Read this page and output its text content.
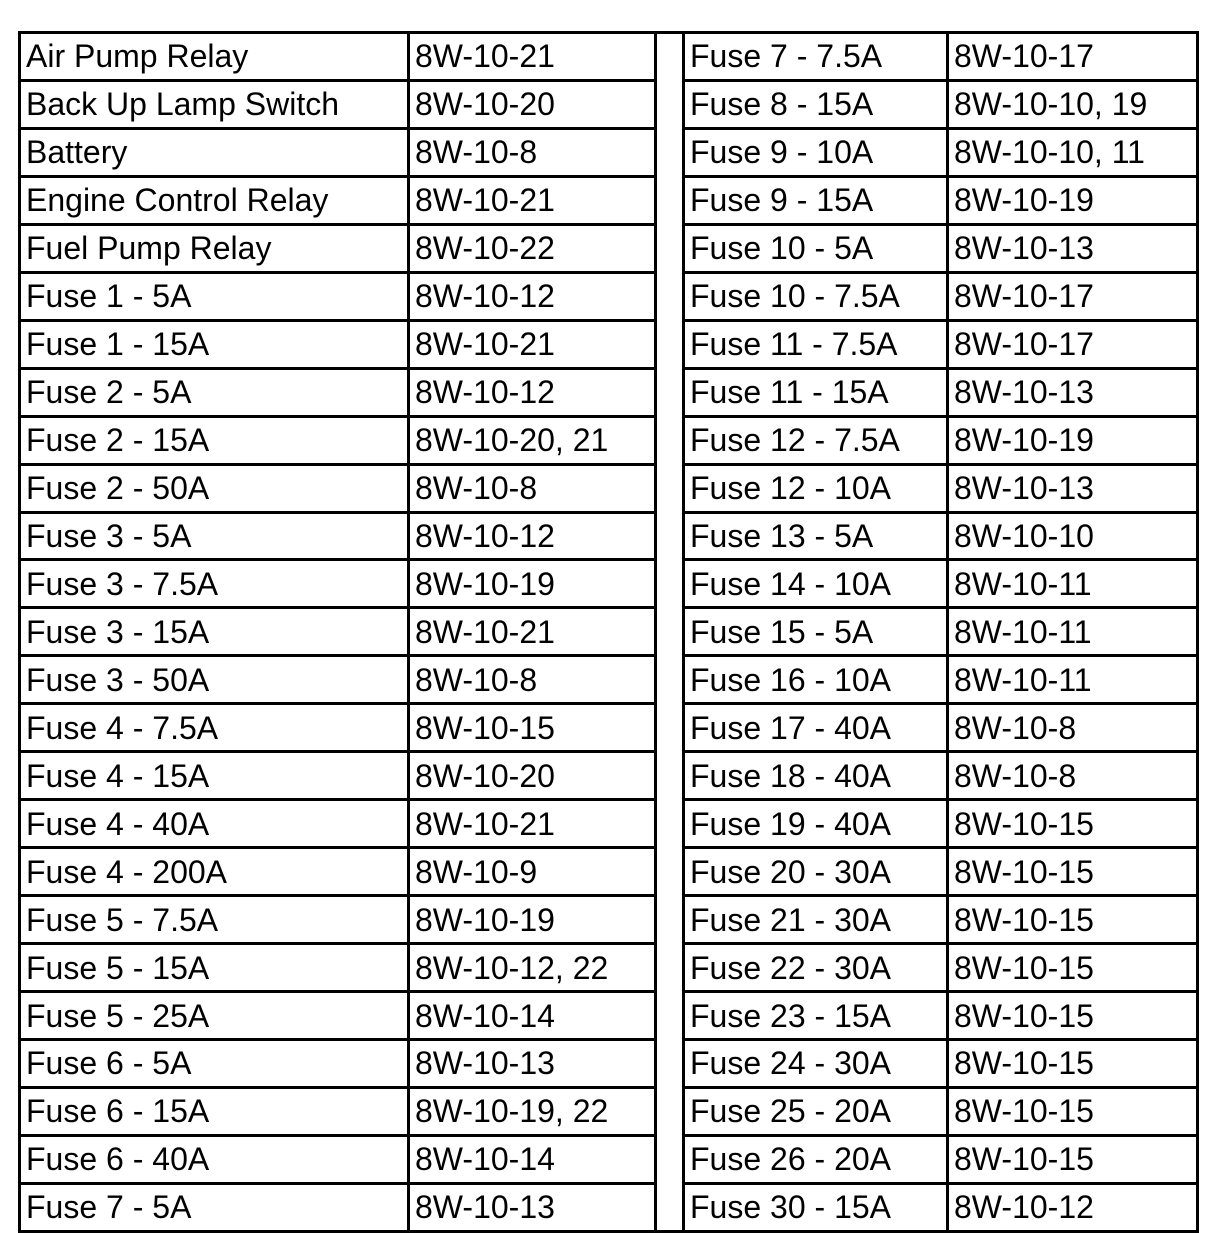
Air Pump Relay	8W-10-21		Fuse 7 - 7.5A	8W-10-17
Back Up Lamp Switch	8W-10-20		Fuse 8 - 15A	8W-10-10, 19
Battery	8W-10-8		Fuse 9 - 10A	8W-10-10, 11
Engine Control Relay	8W-10-21		Fuse 9 - 15A	8W-10-19
Fuel Pump Relay	8W-10-22		Fuse 10 - 5A	8W-10-13
Fuse 1 - 5A	8W-10-12		Fuse 10 - 7.5A	8W-10-17
Fuse 1 - 15A	8W-10-21		Fuse 11 - 7.5A	8W-10-17
Fuse 2 - 5A	8W-10-12		Fuse 11 - 15A	8W-10-13
Fuse 2 - 15A	8W-10-20, 21		Fuse 12 - 7.5A	8W-10-19
Fuse 2 - 50A	8W-10-8		Fuse 12 - 10A	8W-10-13
Fuse 3 - 5A	8W-10-12		Fuse 13 - 5A	8W-10-10
Fuse 3 - 7.5A	8W-10-19		Fuse 14 - 10A	8W-10-11
Fuse 3 - 15A	8W-10-21		Fuse 15 - 5A	8W-10-11
Fuse 3 - 50A	8W-10-8		Fuse 16 - 10A	8W-10-11
Fuse 4 - 7.5A	8W-10-15		Fuse 17 - 40A	8W-10-8
Fuse 4 - 15A	8W-10-20		Fuse 18 - 40A	8W-10-8
Fuse 4 - 40A	8W-10-21		Fuse 19 - 40A	8W-10-15
Fuse 4 - 200A	8W-10-9		Fuse 20 - 30A	8W-10-15
Fuse 5 - 7.5A	8W-10-19		Fuse 21 - 30A	8W-10-15
Fuse 5 - 15A	8W-10-12, 22		Fuse 22 - 30A	8W-10-15
Fuse 5 - 25A	8W-10-14		Fuse 23 - 15A	8W-10-15
Fuse 6 - 5A	8W-10-13		Fuse 24 - 30A	8W-10-15
Fuse 6 - 15A	8W-10-19, 22		Fuse 25 - 20A	8W-10-15
Fuse 6 - 40A	8W-10-14		Fuse 26 - 20A	8W-10-15
Fuse 7 - 5A	8W-10-13		Fuse 30 - 15A	8W-10-12
